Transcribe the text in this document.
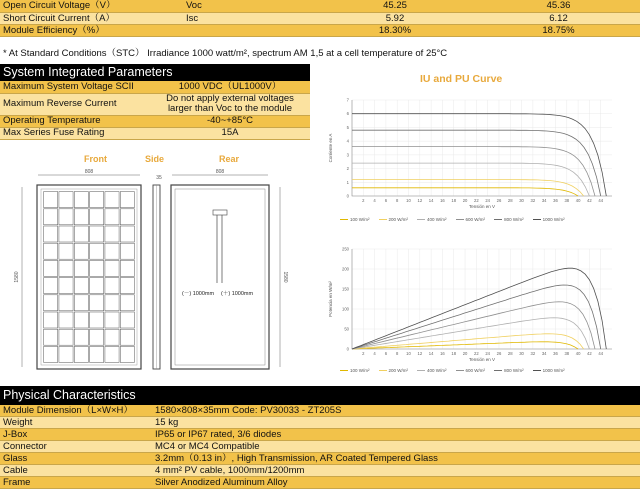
Open Circuit Voltage（V）	Voc	45.25	45.36
Short Circuit Current（A）	Isc	5.92	6.12
Module Efficiency（%）		18.30%	18.75%
* At Standard Conditions（STC） Irradiance 1000 watt/m², spectrum AM 1,5 at a cell temperature of 25°C
System Integrated Parameters
Maximum System Voltage SCII	1000 VDC（UL1000V）
Maximum Reverse Current	Do not apply external voltages larger than Voc to the module
Operating Temperature	-40~+85°C
Max Series Fuse Rating	15A
Front	Side	Rear
808
1580
35
808
1580
(－) 1000mm (＋) 1000mm
IU and PU Curve
2 4 6 8 10 12 14 16 18 20 22 24 26 28 30 32 34 36 38 40 42 44
0
1
2
3
4
5
6
7
Tensión en V
Corriente en A
100 W/m²	200 W/m²	400 W/m²	600 W/m²	800 W/m²	1000 W/m²
2 4 6 8 10 12 14 16 18 20 22 24 26 28 30 32 34 36 38 40 42 44
0
50
100
150
200
250
Tensión en V
Potencia en W/m²
100 W/m²	200 W/m²	400 W/m²	600 W/m²	800 W/m²	1000 W/m²
Physical Characteristics
Module Dimension（L×W×H）	1580×808×35mm Code: PV30033 - ZT205S
Weight	15 kg
J-Box	IP65 or IP67 rated, 3/6 diodes
Connector	MC4 or MC4 Compatible
Glass	3.2mm（0.13 in）, High Transmission, AR Coated Tempered Glass
Cable	4 mm² PV cable, 1000mm/1200mm
Frame	Silver Anodized Aluminum Alloy
